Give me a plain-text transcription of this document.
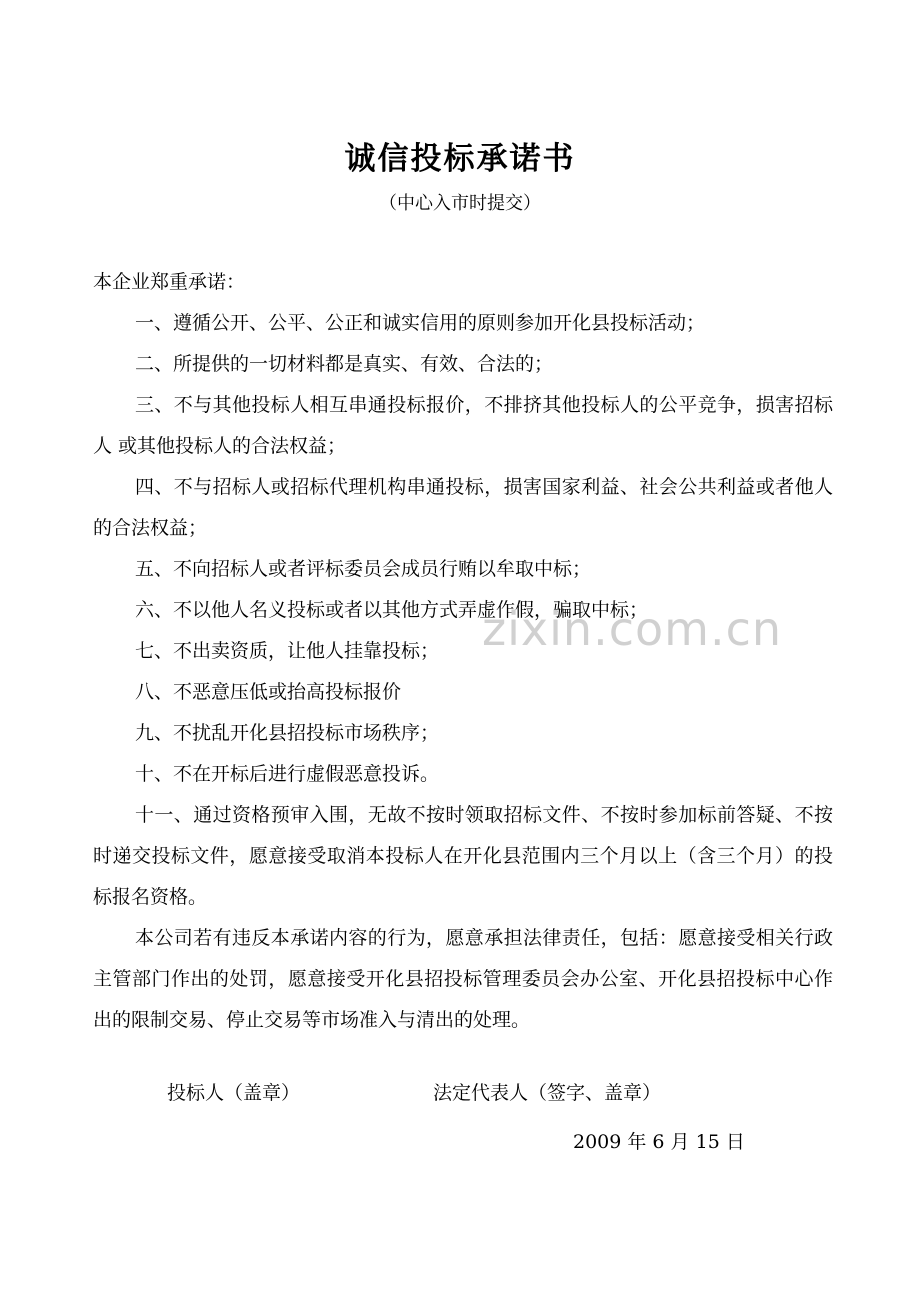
诚信投标承诺书
（中心入市时提交）

本企业郑重承诺：

一、遵循公开、公平、公正和诚实信用的原则参加开化县投标活动；

二、所提供的一切材料都是真实、有效、合法的；

三、不与其他投标人相互串通投标报价，不排挤其他投标人的公平竞争，损害招标人 或其他投标人的合法权益；

四、不与招标人或招标代理机构串通投标，损害国家利益、社会公共利益或者他人的合法权益；

五、不向招标人或者评标委员会成员行贿以牟取中标；

六、不以他人名义投标或者以其他方式弄虚作假，骗取中标；

七、不出卖资质，让他人挂靠投标；

八、不恶意压低或抬高投标报价

九、不扰乱开化县招投标市场秩序；

十、不在开标后进行虚假恶意投诉。

十一、通过资格预审入围，无故不按时领取招标文件、不按时参加标前答疑、不按时递交投标文件，愿意接受取消本投标人在开化县范围内三个月以上（含三个月）的投标报名资格。

本公司若有违反本承诺内容的行为，愿意承担法律责任，包括：愿意接受相关行政主管部门作出的处罚，愿意接受开化县招投标管理委员会办公室、开化县招投标中心作出的限制交易、停止交易等市场准入与清出的处理。

投标人（盖章）	法定代表人（签字、盖章）
2009 年 6 月 15 日
zixin.com.cn
